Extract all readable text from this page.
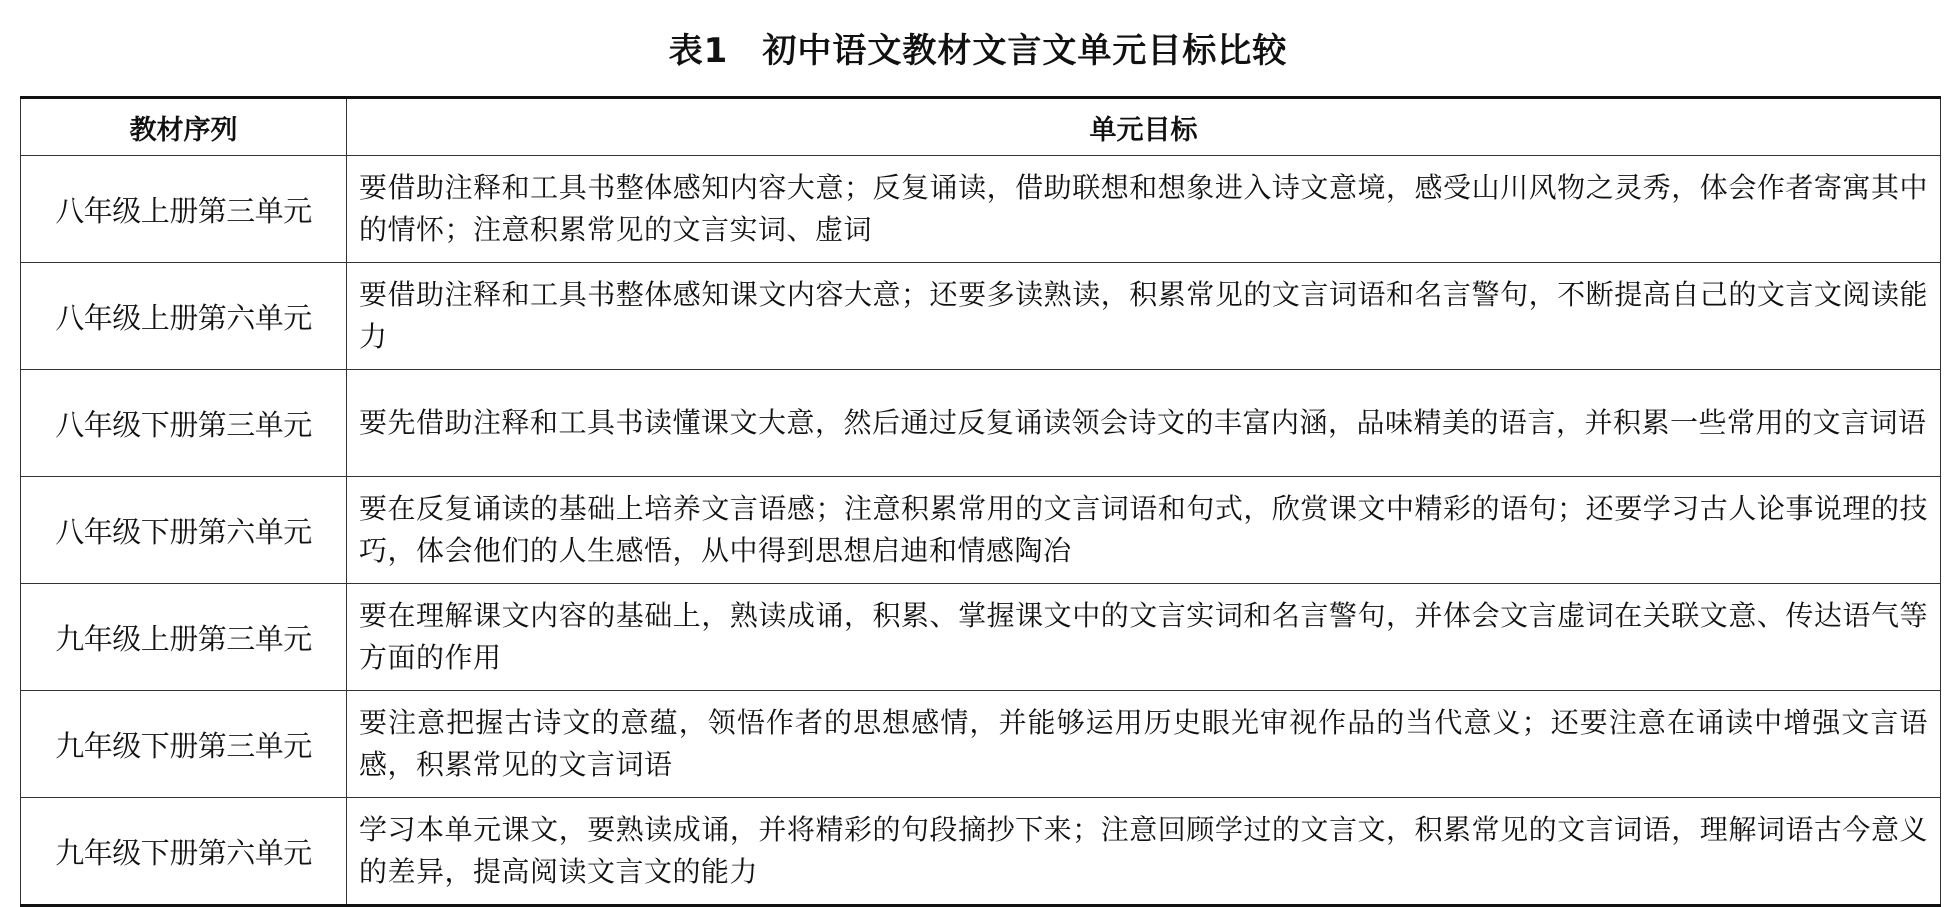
表1 初中语文教材文言文单元目标比较
教材序列	单元目标
八年级上册第三单元	要借助注释和工具书整体感知内容大意；反复诵读，借助联想和想象进入诗文意境，感受山川风物之灵秀，体会作者寄寓其中的情怀；注意积累常见的文言实词、虚词
八年级上册第六单元	要借助注释和工具书整体感知课文内容大意；还要多读熟读，积累常见的文言词语和名言警句，不断提高自己的文言文阅读能力
八年级下册第三单元	要先借助注释和工具书读懂课文大意，然后通过反复诵读领会诗文的丰富内涵，品味精美的语言，并积累一些常用的文言词语
八年级下册第六单元	要在反复诵读的基础上培养文言语感；注意积累常用的文言词语和句式，欣赏课文中精彩的语句；还要学习古人论事说理的技巧，体会他们的人生感悟，从中得到思想启迪和情感陶冶
九年级上册第三单元	要在理解课文内容的基础上，熟读成诵，积累、掌握课文中的文言实词和名言警句，并体会文言虚词在关联文意、传达语气等方面的作用
九年级下册第三单元	要注意把握古诗文的意蕴，领悟作者的思想感情，并能够运用历史眼光审视作品的当代意义；还要注意在诵读中增强文言语感，积累常见的文言词语
九年级下册第六单元	学习本单元课文，要熟读成诵，并将精彩的句段摘抄下来；注意回顾学过的文言文，积累常见的文言词语，理解词语古今意义的差异，提高阅读文言文的能力
